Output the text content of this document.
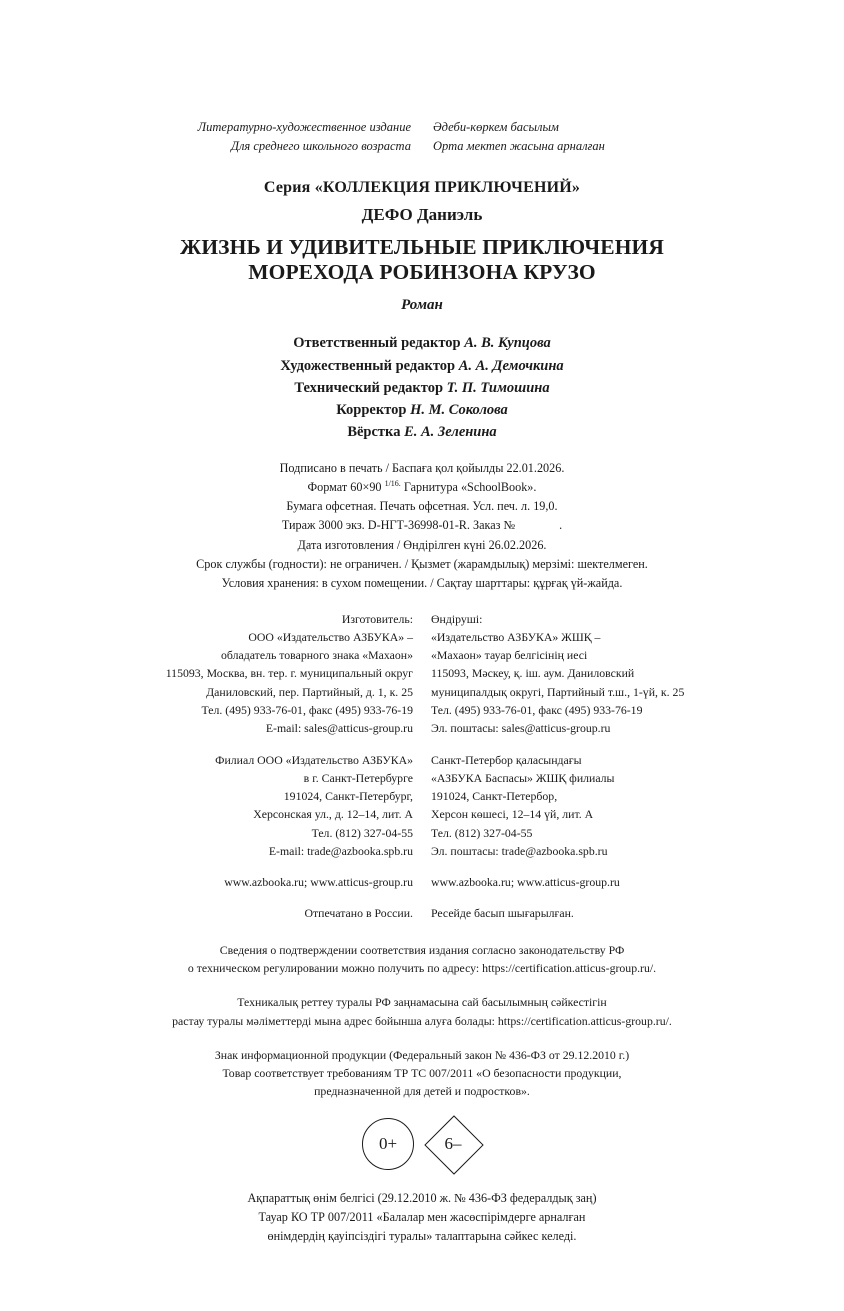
Литературно-художественное издание
Для среднего школьного возраста
Әдеби-көркем басылым
Орта мектеп жасына арналған
Серия «КОЛЛЕКЦИЯ ПРИКЛЮЧЕНИЙ»
ДЕФО Даниэль
ЖИЗНЬ И УДИВИТЕЛЬНЫЕ ПРИКЛЮЧЕНИЯ
МОРЕХОДА РОБИНЗОНА КРУЗО
Роман
Ответственный редактор А. В. Купцова
Художественный редактор А. А. Демочкина
Технический редактор Т. П. Тимошина
Корректор Н. М. Соколова
Вёрстка Е. А. Зеленина
Подписано в печать / Баспаға қол қойылды 22.01.2026.
Формат 60×90 $^{1/16.}$ Гарнитура «SchoolBook».
Бумага офсетная. Печать офсетная. Усл. печ. л. 19,0.
Тираж 3000 экз. D-НГТ-36998-01-R. Заказ №	.
Дата изготовления / Өндірілген күні 26.02.2026.
Срок службы (годности): не ограничен. / Қызмет (жарамдылық) мерзімі: шектелмеген.
Условия хранения: в сухом помещении. / Сақтау шарттары: құрғақ үй-жайда.
Изготовитель:
ООО «Издательство АЗБУКА» –
обладатель товарного знака «Махаон»
115093, Москва, вн. тер. г. муниципальный округ
Даниловский, пер. Партийный, д. 1, к. 25
Тел. (495) 933-76-01, факс (495) 933-76-19
E-mail: sales@atticus-group.ru
Филиал ООО «Издательство АЗБУКА»
в г. Санкт-Петербурге
191024, Санкт-Петербург,
Херсонская ул., д. 12–14, лит. А
Тел. (812) 327-04-55
E-mail: trade@azbooka.spb.ru
www.azbooka.ru; www.atticus-group.ru
Отпечатано в России.
Өндіруші:
«Издательство АЗБУКА» ЖШҚ –
«Махаон» тауар белгісінің иесі
115093, Мәскеу, қ. іш. аум. Даниловский
муниципалдық округі, Партийный т.ш., 1-үй, к. 25
Тел. (495) 933-76-01, факс (495) 933-76-19
Эл. поштасы: sales@atticus-group.ru
Санкт-Петербор қаласындағы
«АЗБУКА Баспасы» ЖШҚ филиалы
191024, Санкт-Петербор,
Херсон көшесі, 12–14 үй, лит. А
Тел. (812) 327-04-55
Эл. поштасы: trade@azbooka.spb.ru
www.azbooka.ru; www.atticus-group.ru
Ресейде басып шығарылған.
Сведения о подтверждении соответствия издания согласно законодательству РФ
о техническом регулировании можно получить по адресу: https://certification.atticus-group.ru/.
Техникалық реттеу туралы РФ заңнамасына сай басылымның сәйкестігін
растау туралы мәліметтерді мына адрес бойынша алуға болады: https://certification.atticus-group.ru/.
Знак информационной продукции (Федеральный закон № 436-ФЗ от 29.12.2010 г.)
Товар соответствует требованиям ТР ТС 007/2011 «О безопасности продукции,
предназначенной для детей и подростков».
0+	6–
Ақпараттық өнім белгісі (29.12.2010 ж. № 436-ФЗ федералдық заң)
Тауар КО ТР 007/2011 «Балалар мен жасөспірімдерге арналған
өнімдердің қауіпсіздігі туралы» талаптарына сәйкес келеді.
